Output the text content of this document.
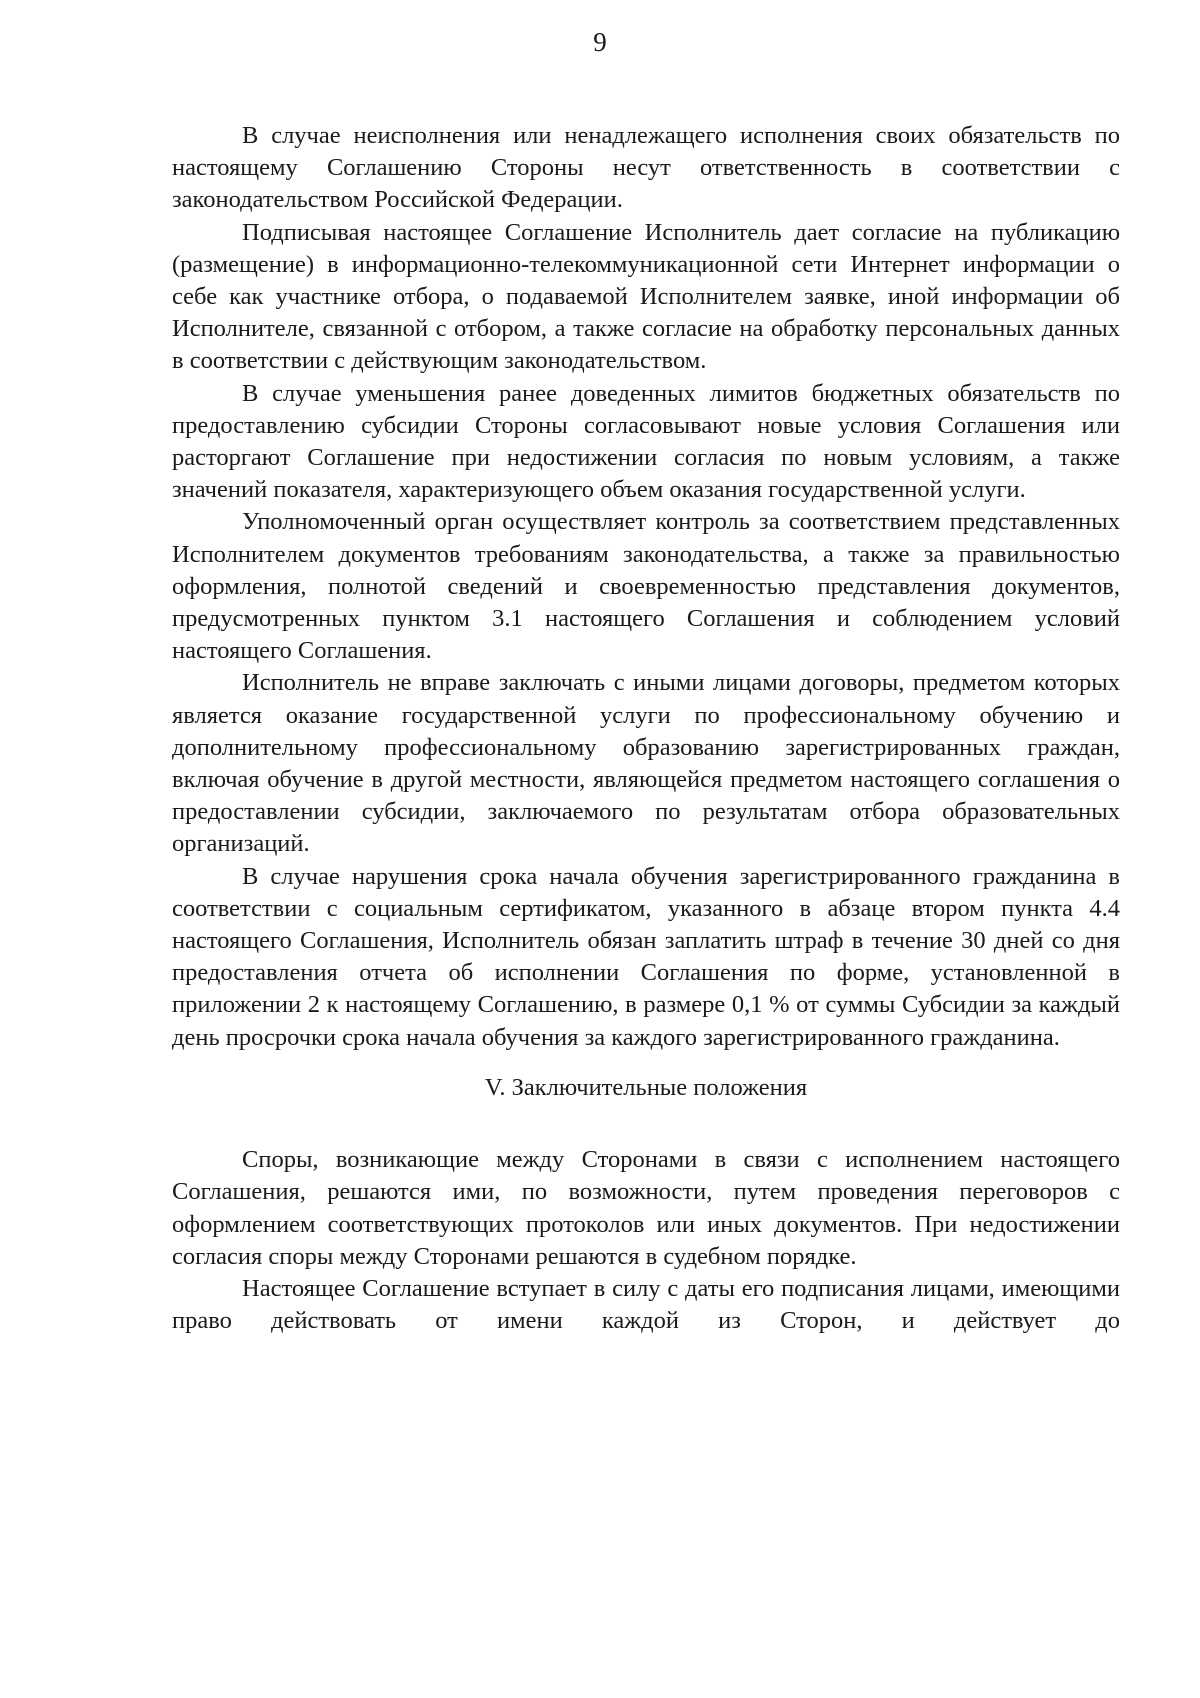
9

В случае неисполнения или ненадлежащего исполнения своих обязательств по настоящему Соглашению Стороны несут ответственность в соответствии с законодательством Российской Федерации.

Подписывая настоящее Соглашение Исполнитель дает согласие на публикацию (размещение) в информационно-телекоммуникационной сети Интернет информации о себе как участнике отбора, о подаваемой Исполнителем заявке, иной информации об Исполнителе, связанной с отбором, а также согласие на обработку персональных данных в соответствии с действующим законодательством.

В случае уменьшения ранее доведенных лимитов бюджетных обязательств по предоставлению субсидии Стороны согласовывают новые условия Соглашения или расторгают Соглашение при недостижении согласия по новым условиям, а также значений показателя, характеризующего объем оказания государственной услуги.

Уполномоченный орган осуществляет контроль за соответствием представленных Исполнителем документов требованиям законодательства, а также за правильностью оформления, полнотой сведений и своевременностью представления документов, предусмотренных пунктом 3.1 настоящего Соглашения и соблюдением условий настоящего Соглашения.

Исполнитель не вправе заключать с иными лицами договоры, предметом которых является оказание государственной услуги по профессиональному обучению и дополнительному профессиональному образованию зарегистрированных граждан, включая обучение в другой местности, являющейся предметом настоящего соглашения о предоставлении субсидии, заключаемого по результатам отбора образовательных организаций.

В случае нарушения срока начала обучения зарегистрированного гражданина в соответствии с социальным сертификатом, указанного в абзаце втором пункта 4.4 настоящего Соглашения, Исполнитель обязан заплатить штраф в течение 30 дней со дня предоставления отчета об исполнении Соглашения по форме, установленной в приложении 2 к настоящему Соглашению, в размере 0,1 % от суммы Субсидии за каждый день просрочки срока начала обучения за каждого зарегистрированного гражданина.

V. Заключительные положения

Споры, возникающие между Сторонами в связи с исполнением настоящего Соглашения, решаются ими, по возможности, путем проведения переговоров с оформлением соответствующих протоколов или иных документов. При недостижении согласия споры между Сторонами решаются в судебном порядке.

Настоящее Соглашение вступает в силу с даты его подписания лицами, имеющими право действовать от имени каждой из Сторон, и действует до
